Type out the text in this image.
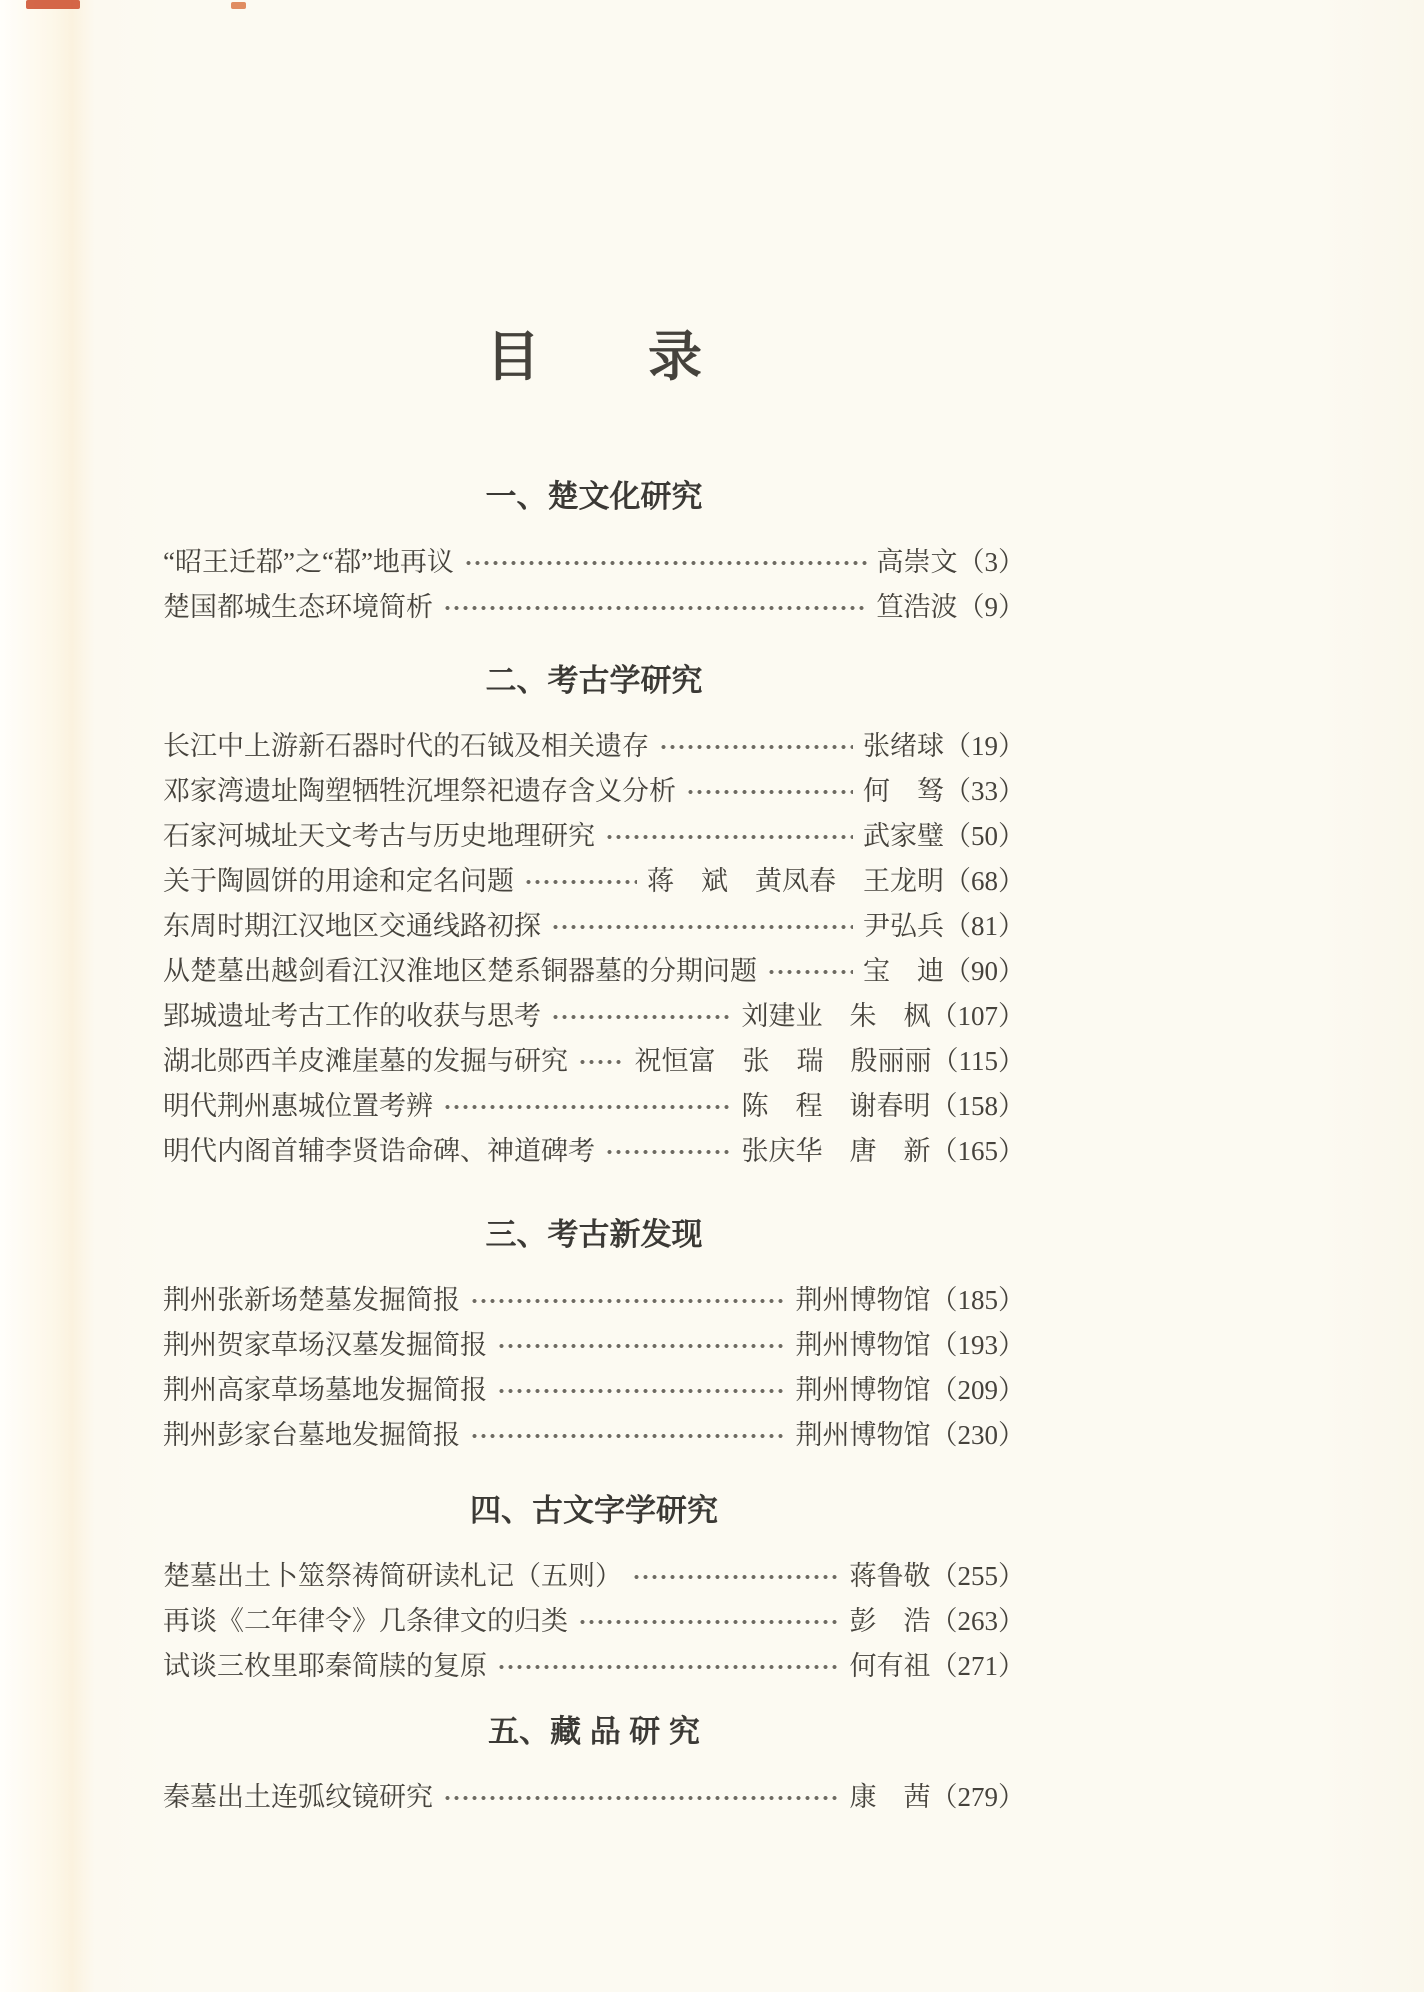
目　　录
一、楚文化研究
“昭王迁鄀”之“鄀”地再议	高崇文（3）
楚国都城生态环境简析	笪浩波（9）
二、考古学研究
长江中上游新石器时代的石钺及相关遗存	张绪球（19）
邓家湾遗址陶塑牺牲沉埋祭祀遗存含义分析	何　驽（33）
石家河城址天文考古与历史地理研究	武家璧（50）
关于陶圆饼的用途和定名问题	蒋　斌　黄凤春　王龙明（68）
东周时期江汉地区交通线路初探	尹弘兵（81）
从楚墓出越剑看江汉淮地区楚系铜器墓的分期问题	宝　迪（90）
郢城遗址考古工作的收获与思考	刘建业　朱　枫（107）
湖北郧西羊皮滩崖墓的发掘与研究 祝恒富　张　瑞　殷丽丽（115）
明代荆州惠城位置考辨	陈　程　谢春明（158）
明代内阁首辅李贤诰命碑、神道碑考	张庆华　唐　新（165）
三、考古新发现
荆州张新场楚墓发掘简报	荆州博物馆（185）
荆州贺家草场汉墓发掘简报	荆州博物馆（193）
荆州高家草场墓地发掘简报	荆州博物馆（209）
荆州彭家台墓地发掘简报	荆州博物馆（230）
四、古文字学研究
楚墓出土卜筮祭祷简研读札记（五则）	蒋鲁敬（255）
再谈《二年律令》几条律文的归类	彭　浩（263）
试谈三枚里耶秦简牍的复原	何有祖（271）
五、藏 品 研 究
秦墓出土连弧纹镜研究	康　茜（279）
